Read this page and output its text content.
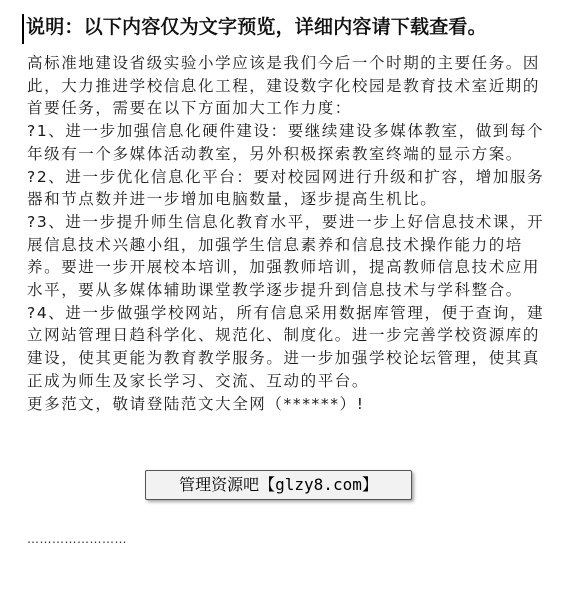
说明：以下内容仅为文字预览，详细内容请下载查看。

高标准地建设省级实验小学应该是我们今后一个时期的主要任务。因此，大力推进学校信息化工程，建设数字化校园是教育技术室近期的首要任务，需要在以下方面加大工作力度：

?1、进一步加强信息化硬件建设：要继续建设多媒体教室，做到每个年级有一个多媒体活动教室，另外积极探索教室终端的显示方案。

?2、进一步优化信息化平台：要对校园网进行升级和扩容，增加服务器和节点数并进一步增加电脑数量，逐步提高生机比。

?3、进一步提升师生信息化教育水平，要进一步上好信息技术课，开展信息技术兴趣小组，加强学生信息素养和信息技术操作能力的培养。要进一步开展校本培训，加强教师培训，提高教师信息技术应用水平，要从多媒体辅助课堂教学逐步提升到信息技术与学科整合。

?4、进一步做强学校网站，所有信息采用数据库管理，便于查询，建立网站管理日趋科学化、规范化、制度化。进一步完善学校资源库的建设，使其更能为教育教学服务。进一步加强学校论坛管理，使其真正成为师生及家长学习、交流、互动的平台。

更多范文，敬请登陆范文大全网（******）!

……………………
管理资源吧【glzy8.com】
